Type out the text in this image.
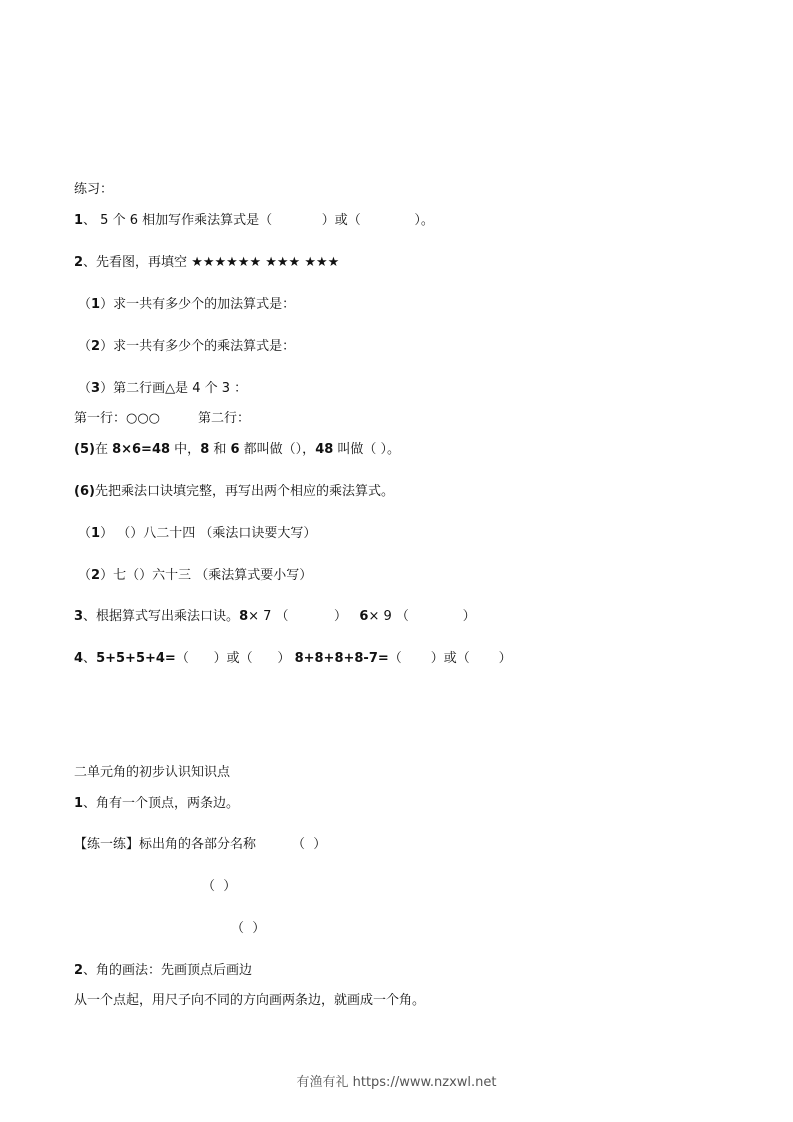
练习：
1、 5 个 6 相加写作乘法算式是（            ）或（             ）。
2、先看图，再填空 ★★★★★★ ★★★ ★★★
（1）求一共有多少个的加法算式是：
（2）求一共有多少个的乘法算式是：
（3）第二行画△是 4 个 3 ：
第一行：○○○	第二行：
(5)在 8×6=48 中，8 和 6 都叫做（），48 叫做（ ）。
(6)先把乘法口诀填完整，再写出两个相应的乘法算式。
（1） （）八二十四 （乘法口诀要大写）
（2）七（）六十三 （乘法算式要小写）
3、根据算式写出乘法口诀。8× 7 （           ）   6× 9 （             ）
4、5+5+5+4=（      ）或（      ） 8+8+8+8-7=（       ）或（       ）
二单元角的初步认识知识点
1、角有一个顶点，两条边。
【练一练】标出角的各部分名称	（  ）
（  ）
（  ）
2、角的画法：先画顶点后画边
从一个点起，用尺子向不同的方向画两条边，就画成一个角。
有渔有礼 https://www.nzxwl.net
